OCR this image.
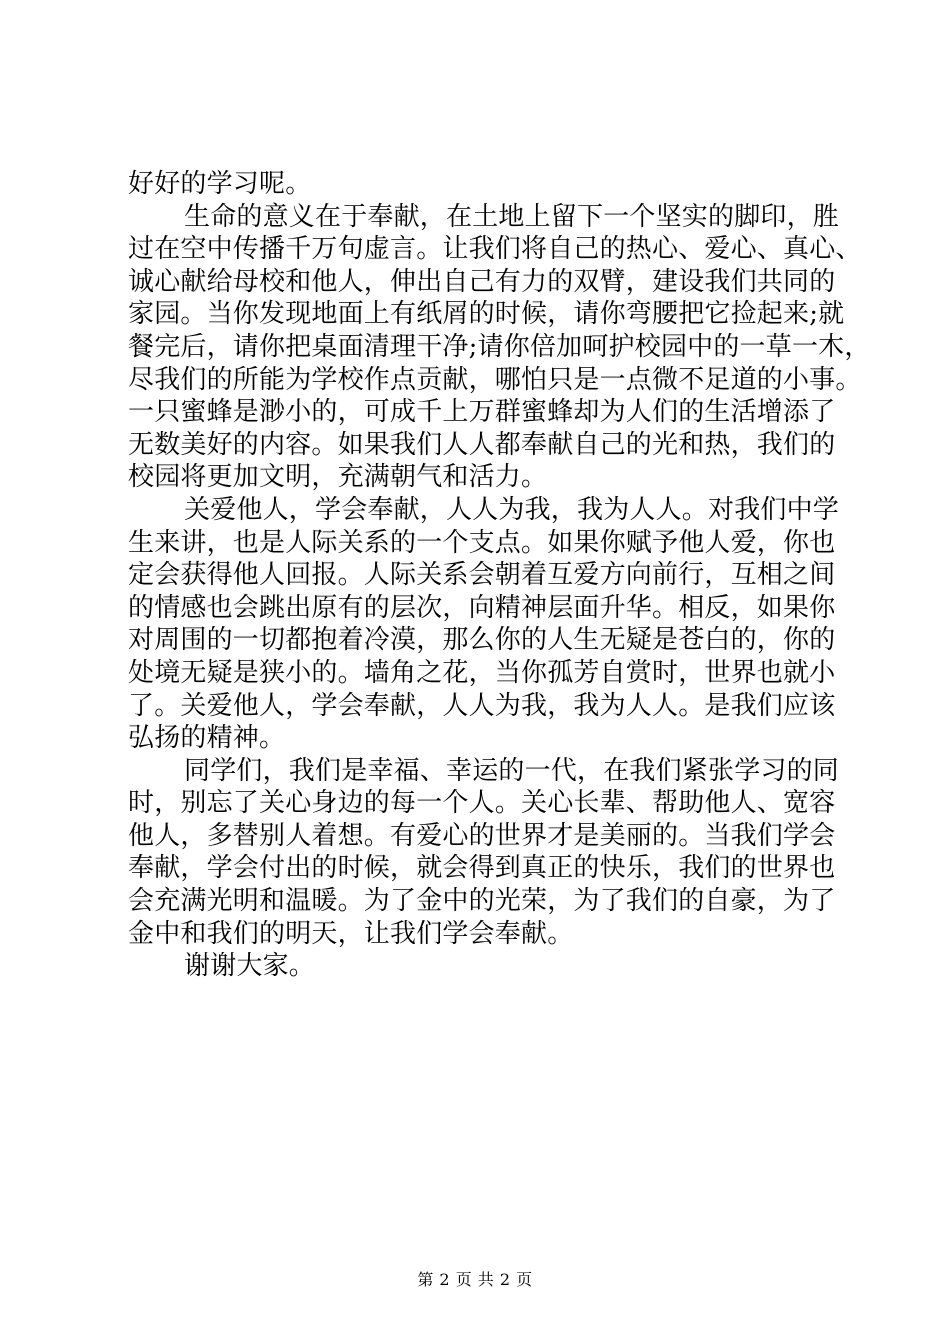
好好的学习呢。
生命的意义在于奉献，在土地上留下一个坚实的脚印，胜
过在空中传播千万句虚言。让我们将自己的热心、爱心、真心、
诚心献给母校和他人，伸出自己有力的双臂，建设我们共同的
家园。当你发现地面上有纸屑的时候，请你弯腰把它捡起来;就
餐完后，请你把桌面清理干净;请你倍加呵护校园中的一草一木，
尽我们的所能为学校作点贡献，哪怕只是一点微不足道的小事。
一只蜜蜂是渺小的，可成千上万群蜜蜂却为人们的生活增添了
无数美好的内容。如果我们人人都奉献自己的光和热，我们的
校园将更加文明，充满朝气和活力。
关爱他人，学会奉献，人人为我，我为人人。对我们中学
生来讲，也是人际关系的一个支点。如果你赋予他人爱，你也
定会获得他人回报。人际关系会朝着互爱方向前行，互相之间
的情感也会跳出原有的层次，向精神层面升华。相反，如果你
对周围的一切都抱着冷漠，那么你的人生无疑是苍白的，你的
处境无疑是狭小的。墙角之花，当你孤芳自赏时，世界也就小
了。关爱他人，学会奉献，人人为我，我为人人。是我们应该
弘扬的精神。
同学们，我们是幸福、幸运的一代，在我们紧张学习的同
时，别忘了关心身边的每一个人。关心长辈、帮助他人、宽容
他人，多替别人着想。有爱心的世界才是美丽的。当我们学会
奉献，学会付出的时候，就会得到真正的快乐，我们的世界也
会充满光明和温暖。为了金中的光荣，为了我们的自豪，为了
金中和我们的明天，让我们学会奉献。
谢谢大家。
第 2 页 共 2 页
